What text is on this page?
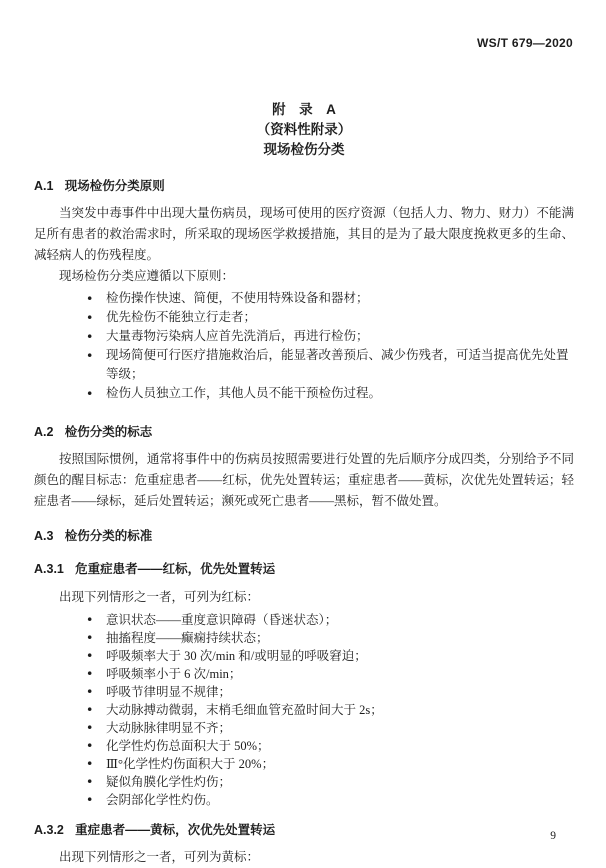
WS/T 679—2020
附　录　A
（资料性附录）
现场检伤分类
A.1 现场检伤分类原则

当突发中毒事件中出现大量伤病员，现场可使用的医疗资源（包括人力、物力、财力）不能满足所有患者的救治需求时，所采取的现场医学救援措施，其目的是为了最大限度挽救更多的生命、减轻病人的伤残程度。

现场检伤分类应遵循以下原则：

• 检伤操作快速、简便，不使用特殊设备和器材；
• 优先检伤不能独立行走者；
• 大量毒物污染病人应首先洗消后，再进行检伤；
• 现场简便可行医疗措施救治后，能显著改善预后、减少伤残者，可适当提高优先处置等级；
• 检伤人员独立工作，其他人员不能干预检伤过程。
A.2 检伤分类的标志

按照国际惯例，通常将事件中的伤病员按照需要进行处置的先后顺序分成四类，分别给予不同颜色的醒目标志：危重症患者——红标，优先处置转运；重症患者——黄标，次优先处置转运；轻症患者——绿标，延后处置转运；濒死或死亡患者——黑标，暂不做处置。

A.3 检伤分类的标准
A.3.1 危重症患者——红标，优先处置转运

出现下列情形之一者，可列为红标：

• 意识状态——重度意识障碍（昏迷状态）；
• 抽搐程度——癫痫持续状态；
• 呼吸频率大于 30 次/min 和/或明显的呼吸窘迫；
• 呼吸频率小于 6 次/min；
• 呼吸节律明显不规律；
• 大动脉搏动微弱，末梢毛细血管充盈时间大于 2s；
• 大动脉脉律明显不齐；
• 化学性灼伤总面积大于 50%；
• Ⅲ°化学性灼伤面积大于 20%；
• 疑似角膜化学性灼伤；
• 会阴部化学性灼伤。
A.3.2 重症患者——黄标，次优先处置转运

出现下列情形之一者，可列为黄标：

9
